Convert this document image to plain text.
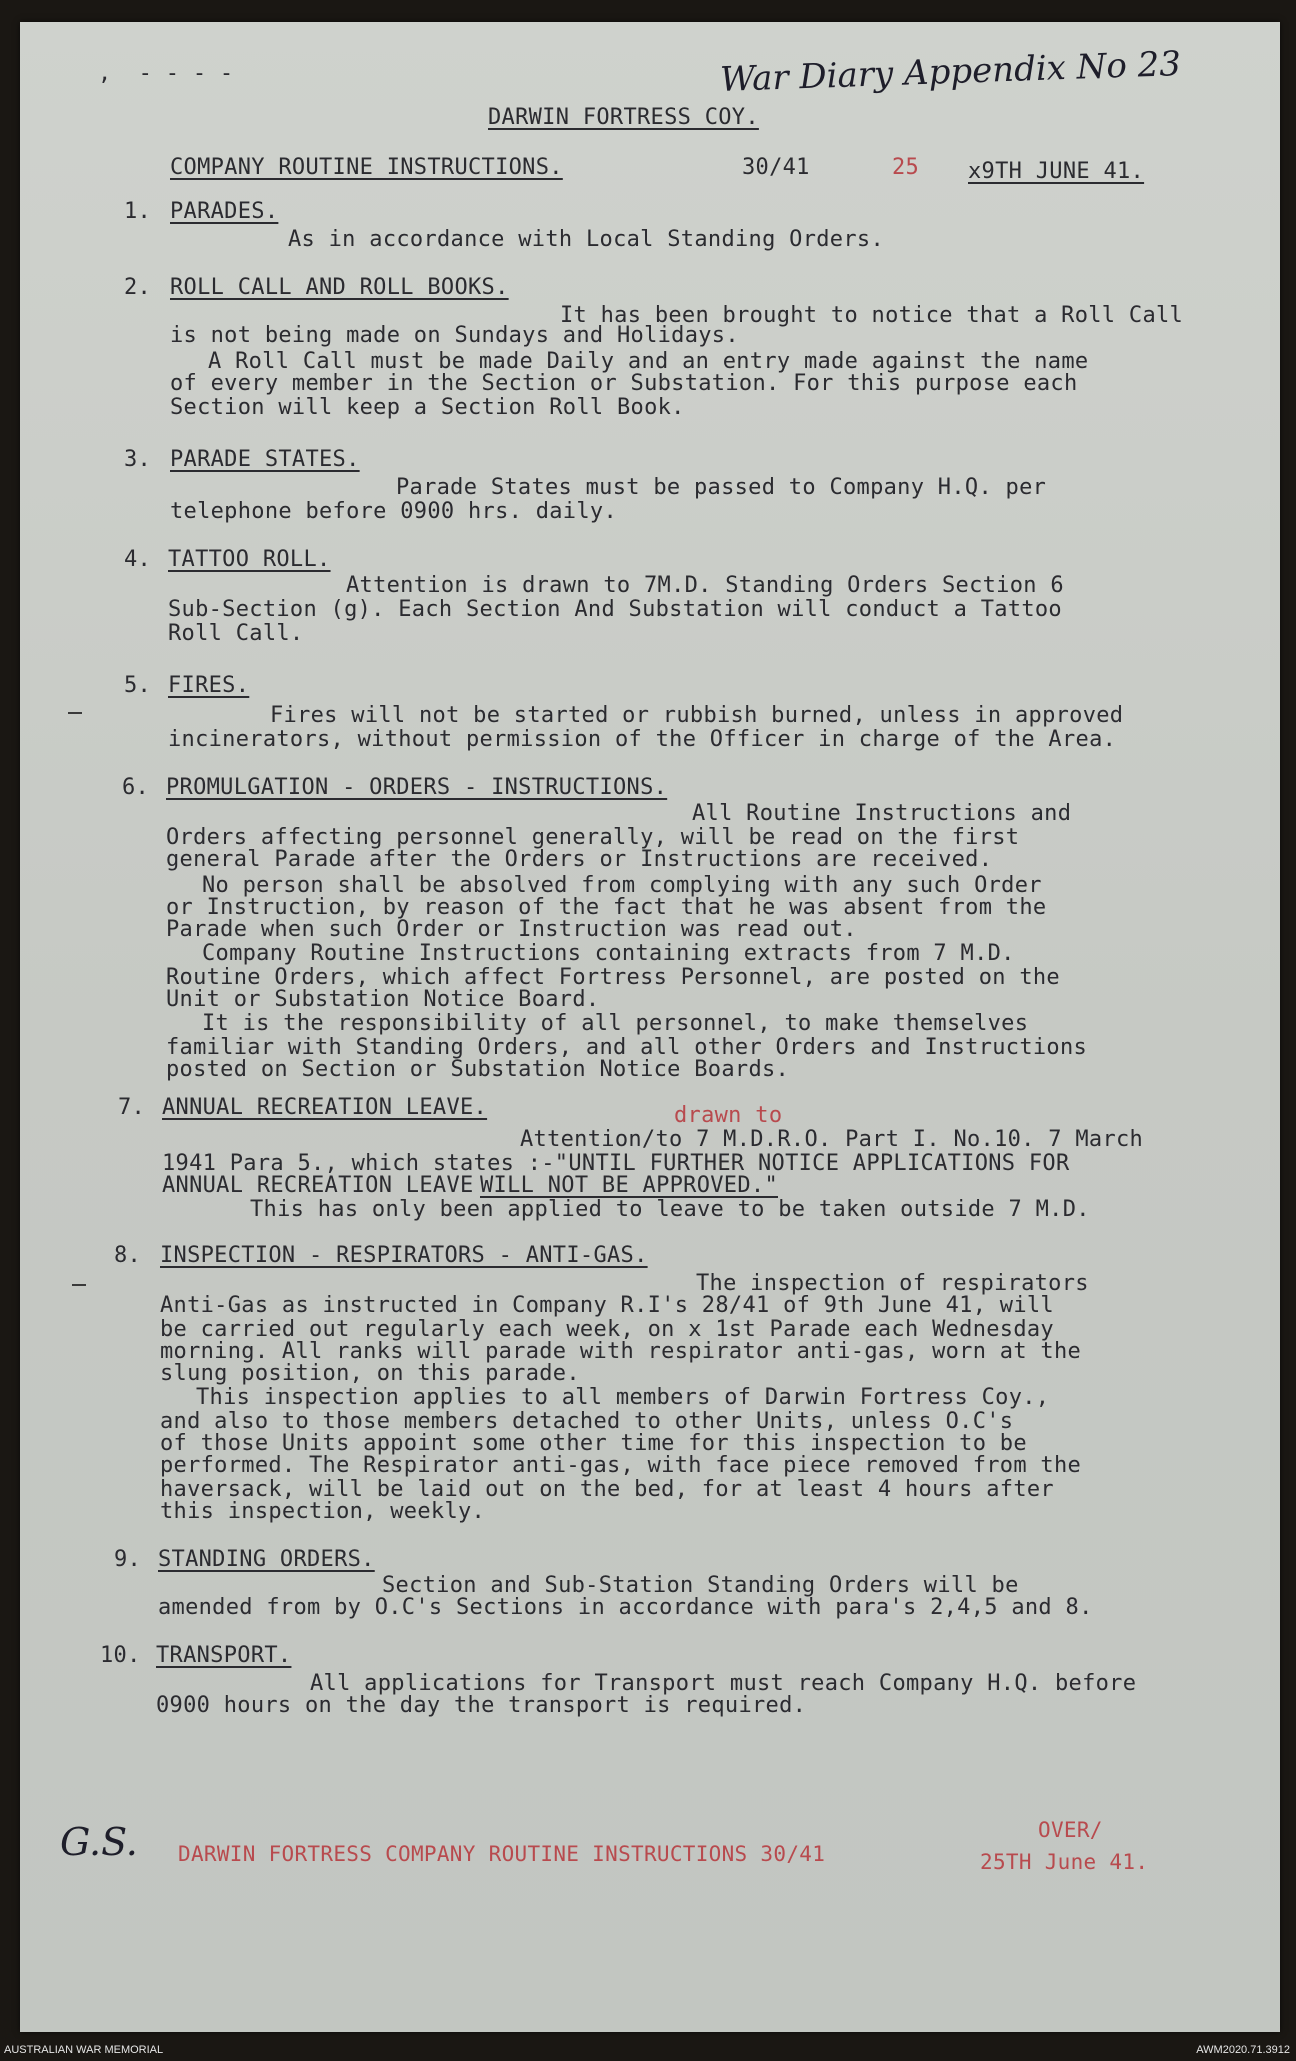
War Diary Appendix No 23
,  - - - -
DARWIN FORTRESS COY.
COMPANY ROUTINE INSTRUCTIONS.	30/41	25 x9TH JUNE 41.
1. PARADES.
As in accordance with Local Standing Orders.
2. ROLL CALL AND ROLL BOOKS.
It has been brought to notice that a Roll Call
is not being made on Sundays and Holidays.
A Roll Call must be made Daily and an entry made against the name
of every member in the Section or Substation. For this purpose each
Section will keep a Section Roll Book.
3. PARADE STATES.
Parade States must be passed to Company H.Q. per
telephone before 0900 hrs. daily.
4. TATTOO ROLL.
Attention is drawn to 7M.D. Standing Orders Section 6
Sub-Section (g). Each Section And Substation will conduct a Tattoo
Roll Call.
5. FIRES.
Fires will not be started or rubbish burned, unless in approved
incinerators, without permission of the Officer in charge of the Area.
6. PROMULGATION - ORDERS - INSTRUCTIONS.
All Routine Instructions and
Orders affecting personnel generally, will be read on the first
general Parade after the Orders or Instructions are received.
No person shall be absolved from complying with any such Order
or Instruction, by reason of the fact that he was absent from the
Parade when such Order or Instruction was read out.
Company Routine Instructions containing extracts from 7 M.D.
Routine Orders, which affect Fortress Personnel, are posted on the
Unit or Substation Notice Board.
It is the responsibility of all personnel, to make themselves
familiar with Standing Orders, and all other Orders and Instructions
posted on Section or Substation Notice Boards.
7. ANNUAL RECREATION LEAVE.	drawn to
Attention/to 7 M.D.R.O. Part I. No.10. 7 March
1941 Para 5., which states :-"UNTIL FURTHER NOTICE APPLICATIONS FOR
ANNUAL RECREATION LEAVE WILL NOT BE APPROVED."
This has only been applied to leave to be taken outside 7 M.D.
8. INSPECTION - RESPIRATORS - ANTI-GAS.
The inspection of respirators
Anti-Gas as instructed in Company R.I's 28/41 of 9th June 41, will
be carried out regularly each week, on x 1st Parade each Wednesday
morning. All ranks will parade with respirator anti-gas, worn at the
slung position, on this parade.
This inspection applies to all members of Darwin Fortress Coy.,
and also to those members detached to other Units, unless O.C's
of those Units appoint some other time for this inspection to be
performed. The Respirator anti-gas, with face piece removed from the
haversack, will be laid out on the bed, for at least 4 hours after
this inspection, weekly.
9. STANDING ORDERS.
Section and Sub-Station Standing Orders will be
amended from by O.C's Sections in accordance with para's 2,4,5 and 8.
10. TRANSPORT.
All applications for Transport must reach Company H.Q. before
0900 hours on the day the transport is required.
G.S. DARWIN FORTRESS COMPANY ROUTINE INSTRUCTIONS 30/41
OVER/
25TH June 41.
AUSTRALIAN WAR MEMORIAL	AWM2020.71.3912
